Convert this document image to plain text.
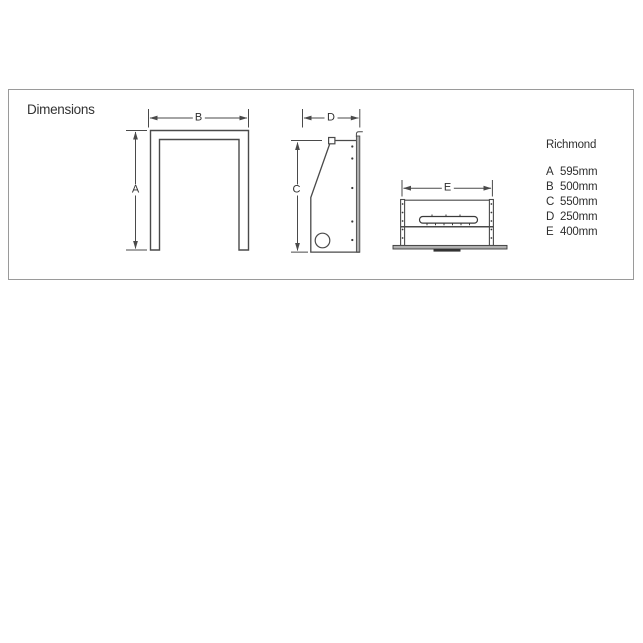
Dimensions
B
A	C
D
E
Richmond
A 595mm
B 500mm
C 550mm
D 250mm
E 400mm
